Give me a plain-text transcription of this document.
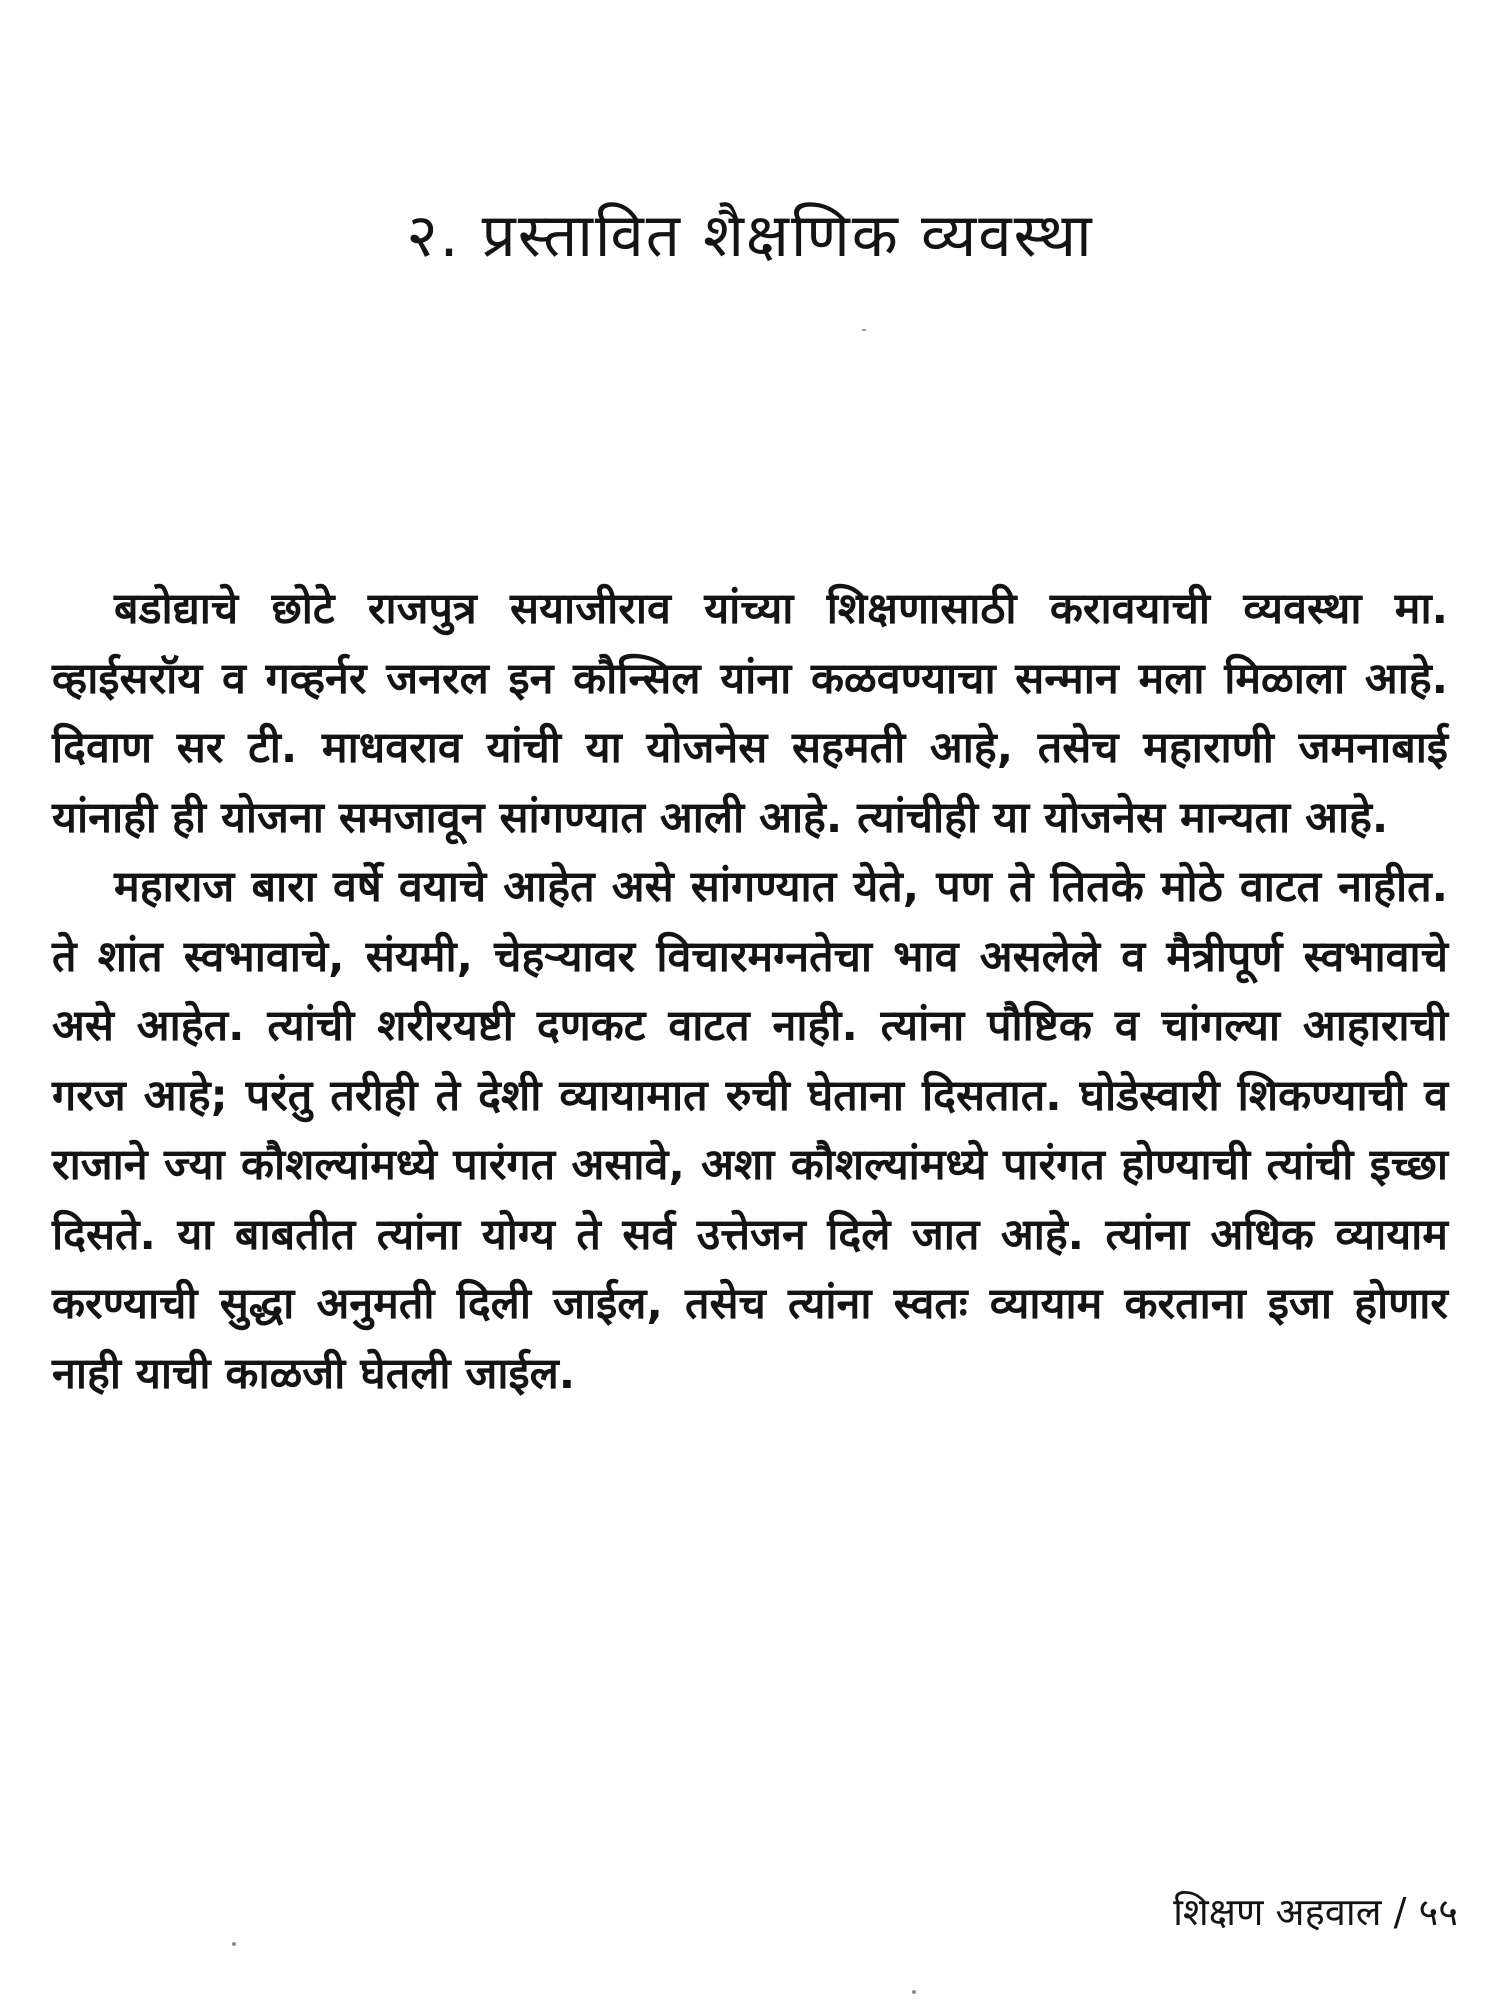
२. प्रस्तावित शैक्षणिक व्यवस्था

बडोद्याचे छोटे राजपुत्र सयाजीराव यांच्या शिक्षणासाठी करावयाची व्यवस्था मा. व्हाईसरॉय व गव्हर्नर जनरल इन कौन्सिल यांना कळवण्याचा सन्मान मला मिळाला आहे. दिवाण सर टी. माधवराव यांची या योजनेस सहमती आहे, तसेच महाराणी जमनाबाई यांनाही ही योजना समजावून सांगण्यात आली आहे. त्यांचीही या योजनेस मान्यता आहे.

महाराज बारा वर्षे वयाचे आहेत असे सांगण्यात येते, पण ते तितके मोठे वाटत नाहीत. ते शांत स्वभावाचे, संयमी, चेहऱ्यावर विचारमग्नतेचा भाव असलेले व मैत्रीपूर्ण स्वभावाचे असे आहेत. त्यांची शरीरयष्टी दणकट वाटत नाही. त्यांना पौष्टिक व चांगल्या आहाराची गरज आहे; परंतु तरीही ते देशी व्यायामात रुची घेताना दिसतात. घोडेस्वारी शिकण्याची व राजाने ज्या कौशल्यांमध्ये पारंगत असावे, अशा कौशल्यांमध्ये पारंगत होण्याची त्यांची इच्छा दिसते. या बाबतीत त्यांना योग्य ते सर्व उत्तेजन दिले जात आहे. त्यांना अधिक व्यायाम करण्याची सुद्धा अनुमती दिली जाईल, तसेच त्यांना स्वतः व्यायाम करताना इजा होणार नाही याची काळजी घेतली जाईल.

शिक्षण अहवाल / ५५
